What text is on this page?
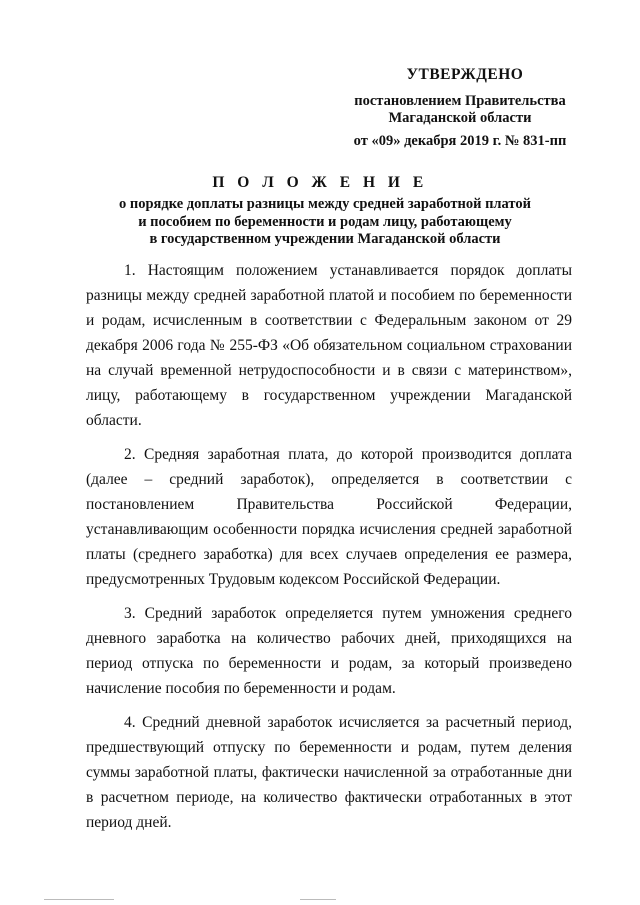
УТВЕРЖДЕНО
постановлением Правительства
Магаданской области
от «09» декабря 2019 г. № 831-пп
П О Л О Ж Е Н И Е
о порядке доплаты разницы между средней заработной платой
и пособием по беременности и родам лицу, работающему
в государственном учреждении Магаданской области

1. Настоящим положением устанавливается порядок доплаты разницы между средней заработной платой и пособием по беременности и родам, исчисленным в соответствии с Федеральным законом от 29 декабря 2006 года № 255-ФЗ «Об обязательном социальном страховании на случай временной нетрудоспособности и в связи с материнством», лицу, работающему в государственном учреждении Магаданской области.

2. Средняя заработная плата, до которой производится доплата (далее – средний заработок), определяется в соответствии с постановлением Правительства Российской Федерации, устанавливающим особенности порядка исчисления средней заработной платы (среднего заработка) для всех случаев определения ее размера, предусмотренных Трудовым кодексом Российской Федерации.

3. Средний заработок определяется путем умножения среднего дневного заработка на количество рабочих дней, приходящихся на период отпуска по беременности и родам, за который произведено начисление пособия по беременности и родам.

4. Средний дневной заработок исчисляется за расчетный период, предшествующий отпуску по беременности и родам, путем деления суммы заработной платы, фактически начисленной за отработанные дни в расчетном периоде, на количество фактически отработанных в этот период дней.
